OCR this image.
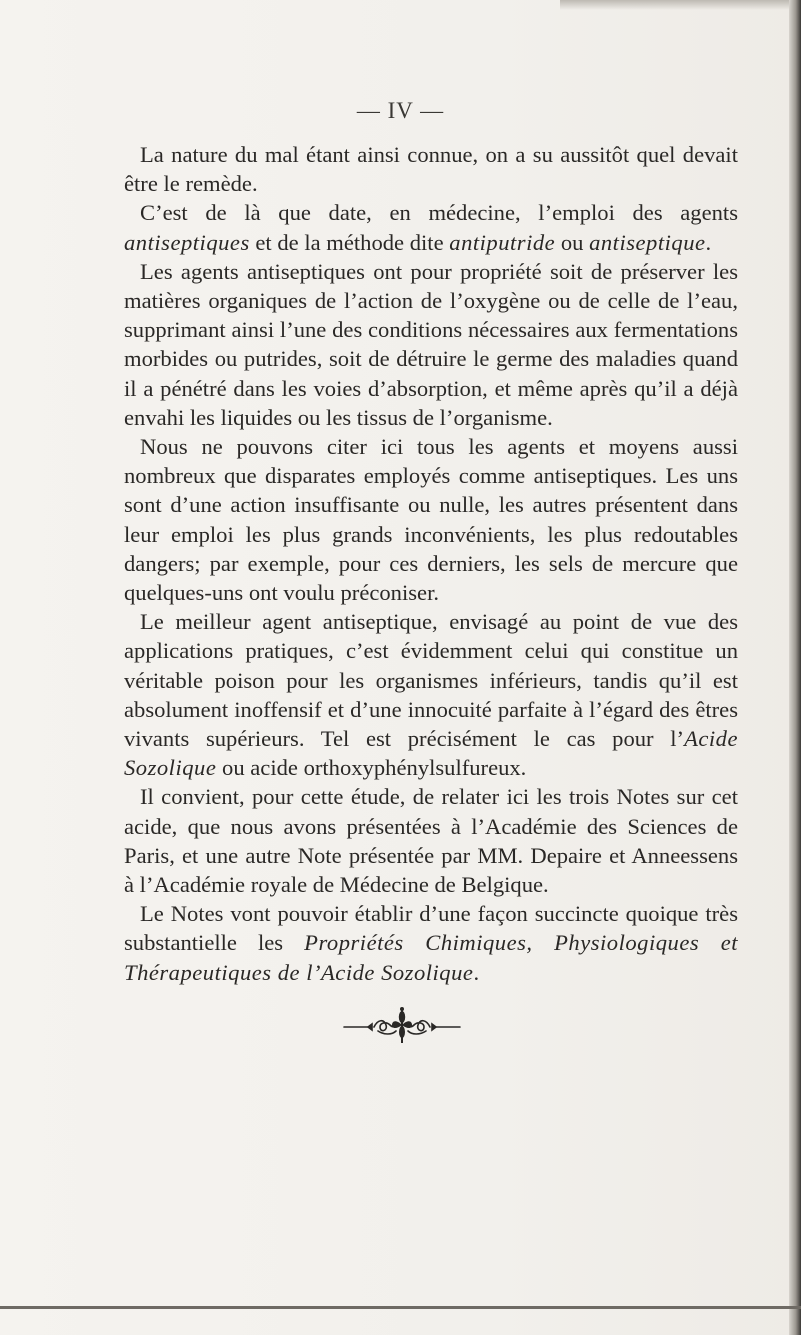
— IV —

La nature du mal étant ainsi connue, on a su aussitôt quel devait être le remède.

C’est de là que date, en médecine, l’emploi des agents antiseptiques et de la méthode dite antiputride ou antiseptique.

Les agents antiseptiques ont pour propriété soit de préserver les matières organiques de l’action de l’oxygène ou de celle de l’eau, supprimant ainsi l’une des conditions nécessaires aux fermentations morbides ou putrides, soit de détruire le germe des maladies quand il a pénétré dans les voies d’absorption, et même après qu’il a déjà envahi les liquides ou les tissus de l’organisme.

Nous ne pouvons citer ici tous les agents et moyens aussi nombreux que disparates employés comme antiseptiques. Les uns sont d’une action insuffisante ou nulle, les autres présentent dans leur emploi les plus grands inconvénients, les plus redoutables dangers; par exemple, pour ces derniers, les sels de mercure que quelques-uns ont voulu préconiser.

Le meilleur agent antiseptique, envisagé au point de vue des applications pratiques, c’est évidemment celui qui constitue un véritable poison pour les organismes inférieurs, tandis qu’il est absolument inoffensif et d’une innocuité parfaite à l’égard des êtres vivants supérieurs. Tel est précisément le cas pour l’Acide Sozolique ou acide orthoxyphénylsulfureux.

Il convient, pour cette étude, de relater ici les trois Notes sur cet acide, que nous avons présentées à l’Académie des Sciences de Paris, et une autre Note présentée par MM. Depaire et Anneessens à l’Académie royale de Médecine de Belgique.

Le Notes vont pouvoir établir d’une façon succincte quoique très substantielle les Propriétés Chimiques, Physiologiques et Thérapeutiques de l’Acide Sozolique.
